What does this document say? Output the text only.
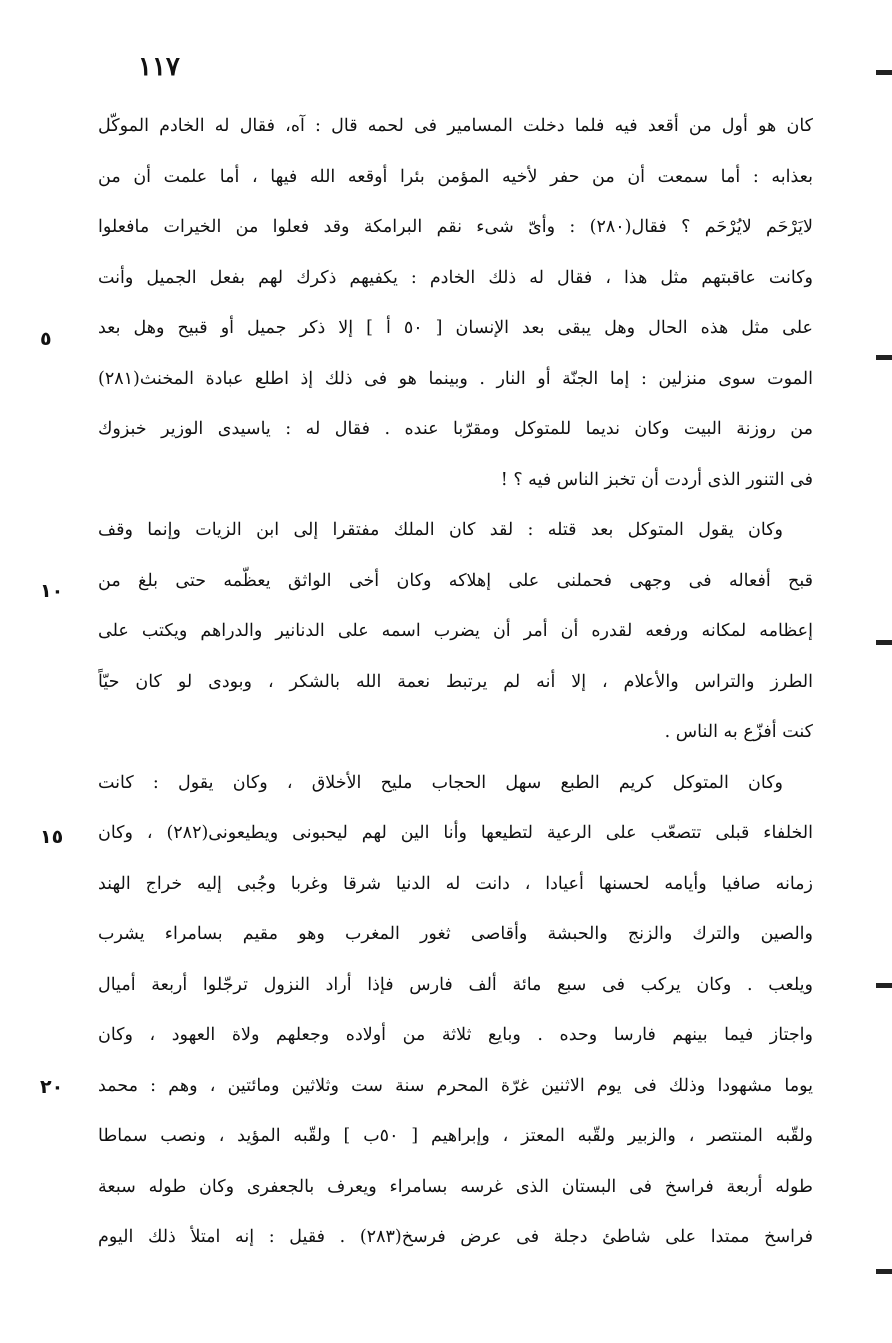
١١٧
كان هو أول من أقعد فيه فلما دخلت المسامير فى لحمه قال : آه، فقال له الخادم الموكّل
بعذابه : أما سمعت أن من حفر لأخيه المؤمن بئرا أوقعه الله فيها ، أما علمت أن من
لايَرْحَم لايُرْحَم ؟ فقال(٢٨٠) : وأىّ شىء نقم البرامكة وقد فعلوا من الخيرات مافعلوا
وكانت عاقبتهم مثل هذا ، فقال له ذلك الخادم : يكفيهم ذكرك لهم بفعل الجميل وأنت
على مثل هذه الحال وهل يبقى بعد الإنسان [ ٥٠ أ ] إلا ذكر جميل أو قبيح وهل بعد
الموت سوى منزلين : إما الجنّة أو النار . وبينما هو فى ذلك إذ اطلع عبادة المخنث(٢٨١)
من روزنة البيت وكان نديما للمتوكل ومقرّبا عنده . فقال له : ياسيدى الوزير خبزوك
فى التنور الذى أردت أن تخبز الناس فيه ؟ !
وكان يقول المتوكل بعد قتله : لقد كان الملك مفتقرا إلى ابن الزيات وإنما وقف
قبح أفعاله فى وجهى فحملنى على إهلاكه وكان أخى الواثق يعظّمه حتى بلغ من
إعظامه لمكانه ورفعه لقدره أن أمر أن يضرب اسمه على الدنانير والدراهم ويكتب على
الطرز والتراس والأعلام ، إلا أنه لم يرتبط نعمة الله بالشكر ، وبودى لو كان حيّاً
كنت أفزّع به الناس .
وكان المتوكل كريم الطبع سهل الحجاب مليح الأخلاق ، وكان يقول : كانت
الخلفاء قبلى تتصعّب على الرعية لتطيعها وأنا الين لهم ليحبونى ويطيعونى(٢٨٢) ، وكان
زمانه صافيا وأيامه لحسنها أعيادا ، دانت له الدنيا شرقا وغربا وجُبى إليه خراج الهند
والصين والترك والزنج والحبشة وأقاصى ثغور المغرب وهو مقيم بسامراء يشرب
ويلعب . وكان يركب فى سبع مائة ألف فارس فإذا أراد النزول ترجّلوا أربعة أميال
واجتاز فيما بينهم فارسا وحده . وبايع ثلاثة من أولاده وجعلهم ولاة العهود ، وكان
يوما مشهودا وذلك فى يوم الاثنين غرّة المحرم سنة ست وثلاثين ومائتين ، وهم : محمد
ولقّبه المنتصر ، والزبير ولقّبه المعتز ، وإبراهيم [ ٥٠ب ] ولقّبه المؤيد ، ونصب سماطا
طوله أربعة فراسخ فى البستان الذى غرسه بسامراء ويعرف بالجعفرى وكان طوله سبعة
فراسخ ممتدا على شاطئ دجلة فى عرض فرسخ(٢٨٣) . فقيل : إنه امتلأ ذلك اليوم
٥
١٠
١٥
٢٠
